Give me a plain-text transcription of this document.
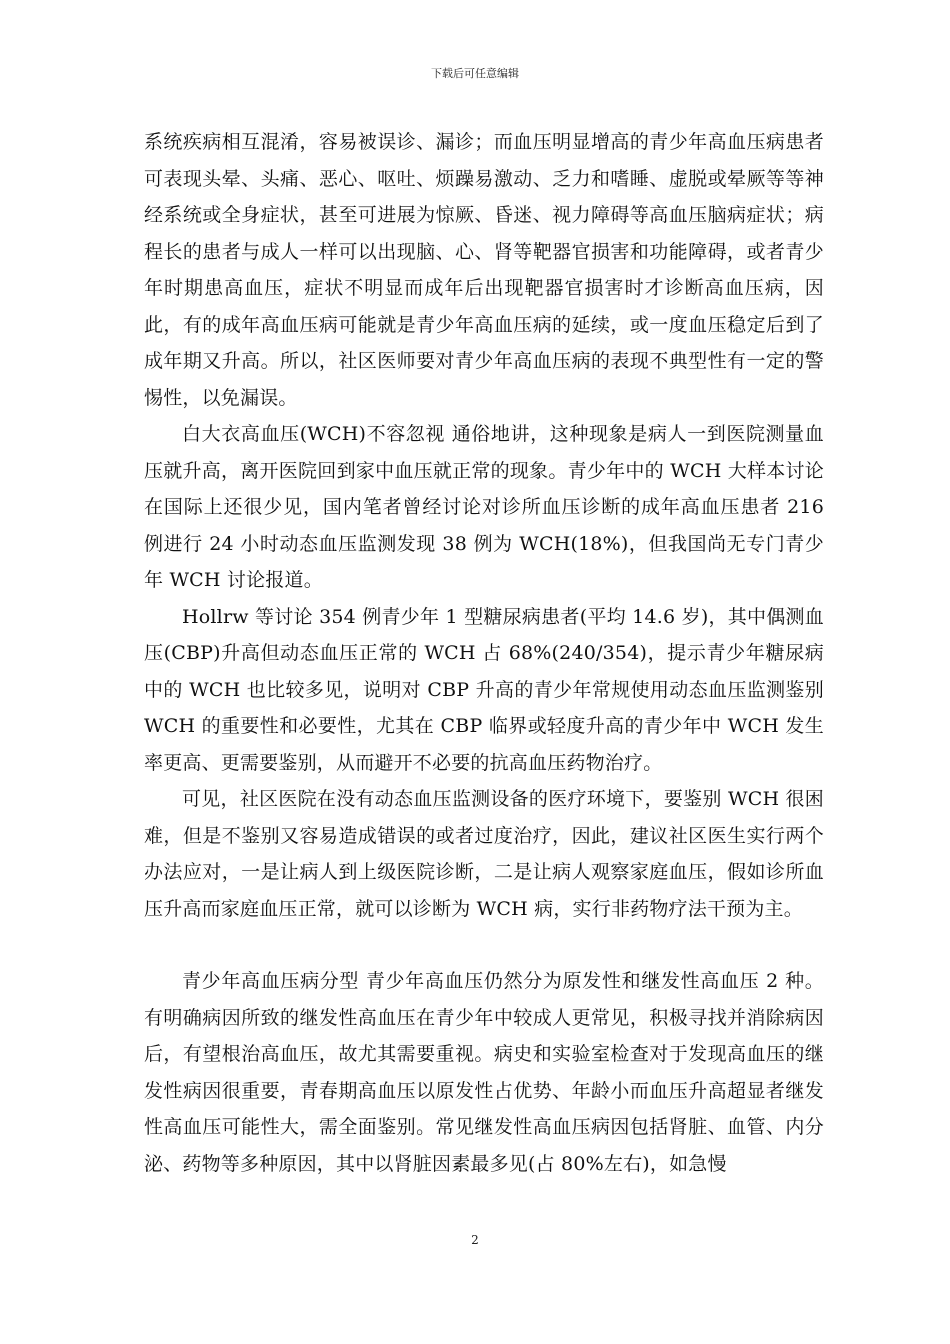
下载后可任意编辑

系统疾病相互混淆，容易被误诊、漏诊；而血压明显增高的青少年高血压病患者可表现头晕、头痛、恶心、呕吐、烦躁易激动、乏力和嗜睡、虚脱或晕厥等等神经系统或全身症状，甚至可进展为惊厥、昏迷、视力障碍等高血压脑病症状；病程长的患者与成人一样可以出现脑、心、肾等靶器官损害和功能障碍，或者青少年时期患高血压，症状不明显而成年后出现靶器官损害时才诊断高血压病，因此，有的成年高血压病可能就是青少年高血压病的延续，或一度血压稳定后到了成年期又升高。所以，社区医师要对青少年高血压病的表现不典型性有一定的警惕性，以免漏误。

白大衣高血压(WCH)不容忽视 通俗地讲，这种现象是病人一到医院测量血压就升高，离开医院回到家中血压就正常的现象。青少年中的 WCH 大样本讨论在国际上还很少见，国内笔者曾经讨论对诊所血压诊断的成年高血压患者 216 例进行 24 小时动态血压监测发现 38 例为 WCH(18%)，但我国尚无专门青少年 WCH 讨论报道。

Hollrw 等讨论 354 例青少年 1 型糖尿病患者(平均 14.6 岁)，其中偶测血压(CBP)升高但动态血压正常的 WCH 占 68%(240/354)，提示青少年糖尿病中的 WCH 也比较多见，说明对 CBP 升高的青少年常规使用动态血压监测鉴别 WCH 的重要性和必要性，尤其在 CBP 临界或轻度升高的青少年中 WCH 发生率更高、更需要鉴别，从而避开不必要的抗高血压药物治疗。

可见，社区医院在没有动态血压监测设备的医疗环境下，要鉴别 WCH 很困难，但是不鉴别又容易造成错误的或者过度治疗，因此，建议社区医生实行两个办法应对，一是让病人到上级医院诊断，二是让病人观察家庭血压，假如诊所血压升高而家庭血压正常，就可以诊断为 WCH 病，实行非药物疗法干预为主。

青少年高血压病分型 青少年高血压仍然分为原发性和继发性高血压 2 种。有明确病因所致的继发性高血压在青少年中较成人更常见，积极寻找并消除病因后，有望根治高血压，故尤其需要重视。病史和实验室检查对于发现高血压的继发性病因很重要，青春期高血压以原发性占优势、年龄小而血压升高超显者继发性高血压可能性大，需全面鉴别。常见继发性高血压病因包括肾脏、血管、内分泌、药物等多种原因，其中以肾脏因素最多见(占 80%左右)，如急慢

2
